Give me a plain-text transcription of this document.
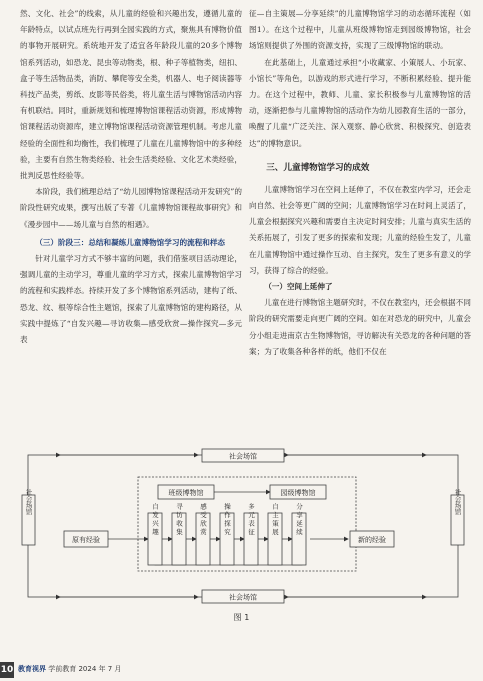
然、文化、社会”的线索，从儿童的经验和兴趣出发，遵循儿童的年龄特点，以试点班先行再到全园实践的方式，聚焦具有博物价值的事物开展研究。系统地开发了适宜各年龄段儿童的20多个博物馆系列活动，如恐龙、昆虫等动物类，根、种子等植物类，纽扣、盒子等生活物品类，消防、攀爬等安全类，机器人、电子阅读器等科技产品类，剪纸、皮影等民俗类，将儿童生活与博物馆活动内容有机联结。同时，重新规划和梳理博物馆课程活动资源，形成博物馆课程活动资源库，建立博物馆课程活动资源管理机制。考虑儿童经验的全面性和均衡性，我们梳理了儿童在儿童博物馆中的多种经验，主要有自然生物类经验、社会生活类经验、文化艺术类经验，批判反思性经验等。

本阶段，我们梳理总结了“幼儿园博物馆课程活动开发研究”的阶段性研究成果，撰写出版了专著《儿童博物馆课程故事研究》和《漫步园中——场儿童与自然的相遇》。

（三）阶段三：总结和凝练儿童博物馆学习的流程和样态

针对儿童学习方式不够丰富的问题，我们借鉴项目活动理论，强调儿童的主动学习，尊重儿童的学习方式，探索儿童博物馆学习的流程和实践样态。持续开发了多个博物馆系列活动，建构了纸、恐龙、纹、根等综合性主题馆，探索了儿童博物馆的建构路径，从实践中提炼了“自发兴趣—寻访收集—感受欣赏—操作探究—多元表

征—自主策展—分享延续”的儿童博物馆学习的动态循环流程（如图1）。在这个过程中，儿童从班级博物馆走到园级博物馆，社会场馆则提供了外围的资源支持，实现了三级博物馆的联动。

在此基础上，儿童通过承担“小收藏家、小策展人、小玩家、小馆长”等角色，以游戏的形式进行学习，不断积累经验、提升能力。在这个过程中，教师、儿童、家长积极参与儿童博物馆的活动，逐渐把参与儿童博物馆的活动作为幼儿园教育生活的一部分，唤醒了儿童“广泛关注、深入观察、静心欣赏、积极探究、创造表达”的博物意识。

三、儿童博物馆学习的成效

儿童博物馆学习在空间上延伸了，不仅在教室内学习，还会走向自然、社会等更广阔的空间；儿童博物馆学习在时间上灵活了，儿童会根据探究兴趣和需要自主决定时间安排；儿童与真实生活的关系拓展了，引发了更多的探索和发现；儿童的经验生发了，儿童在儿童博物馆中通过操作互动、自主探究，发生了更多有意义的学习，获得了综合的经验。

（一）空间上延伸了

儿童在进行博物馆主题研究时，不仅在教室内，还会根据不同阶段的研究需要走向更广阔的空间。如在对恐龙的研究中，儿童会分小组走进南京古生物博物馆，寻访解决有关恐龙的各种问题的答案；为了收集各种各样的纸，他们不仅在

社会场馆
社会场馆
社会场馆	社会场馆
班级博物馆	园级博物馆
原有经验	新的经验
自发兴趣 寻访收集 感受欣赏 操作探究 多元表征 自主策展 分享延续
图 1
10 教育视界 学前教育 2024 年 7 月
